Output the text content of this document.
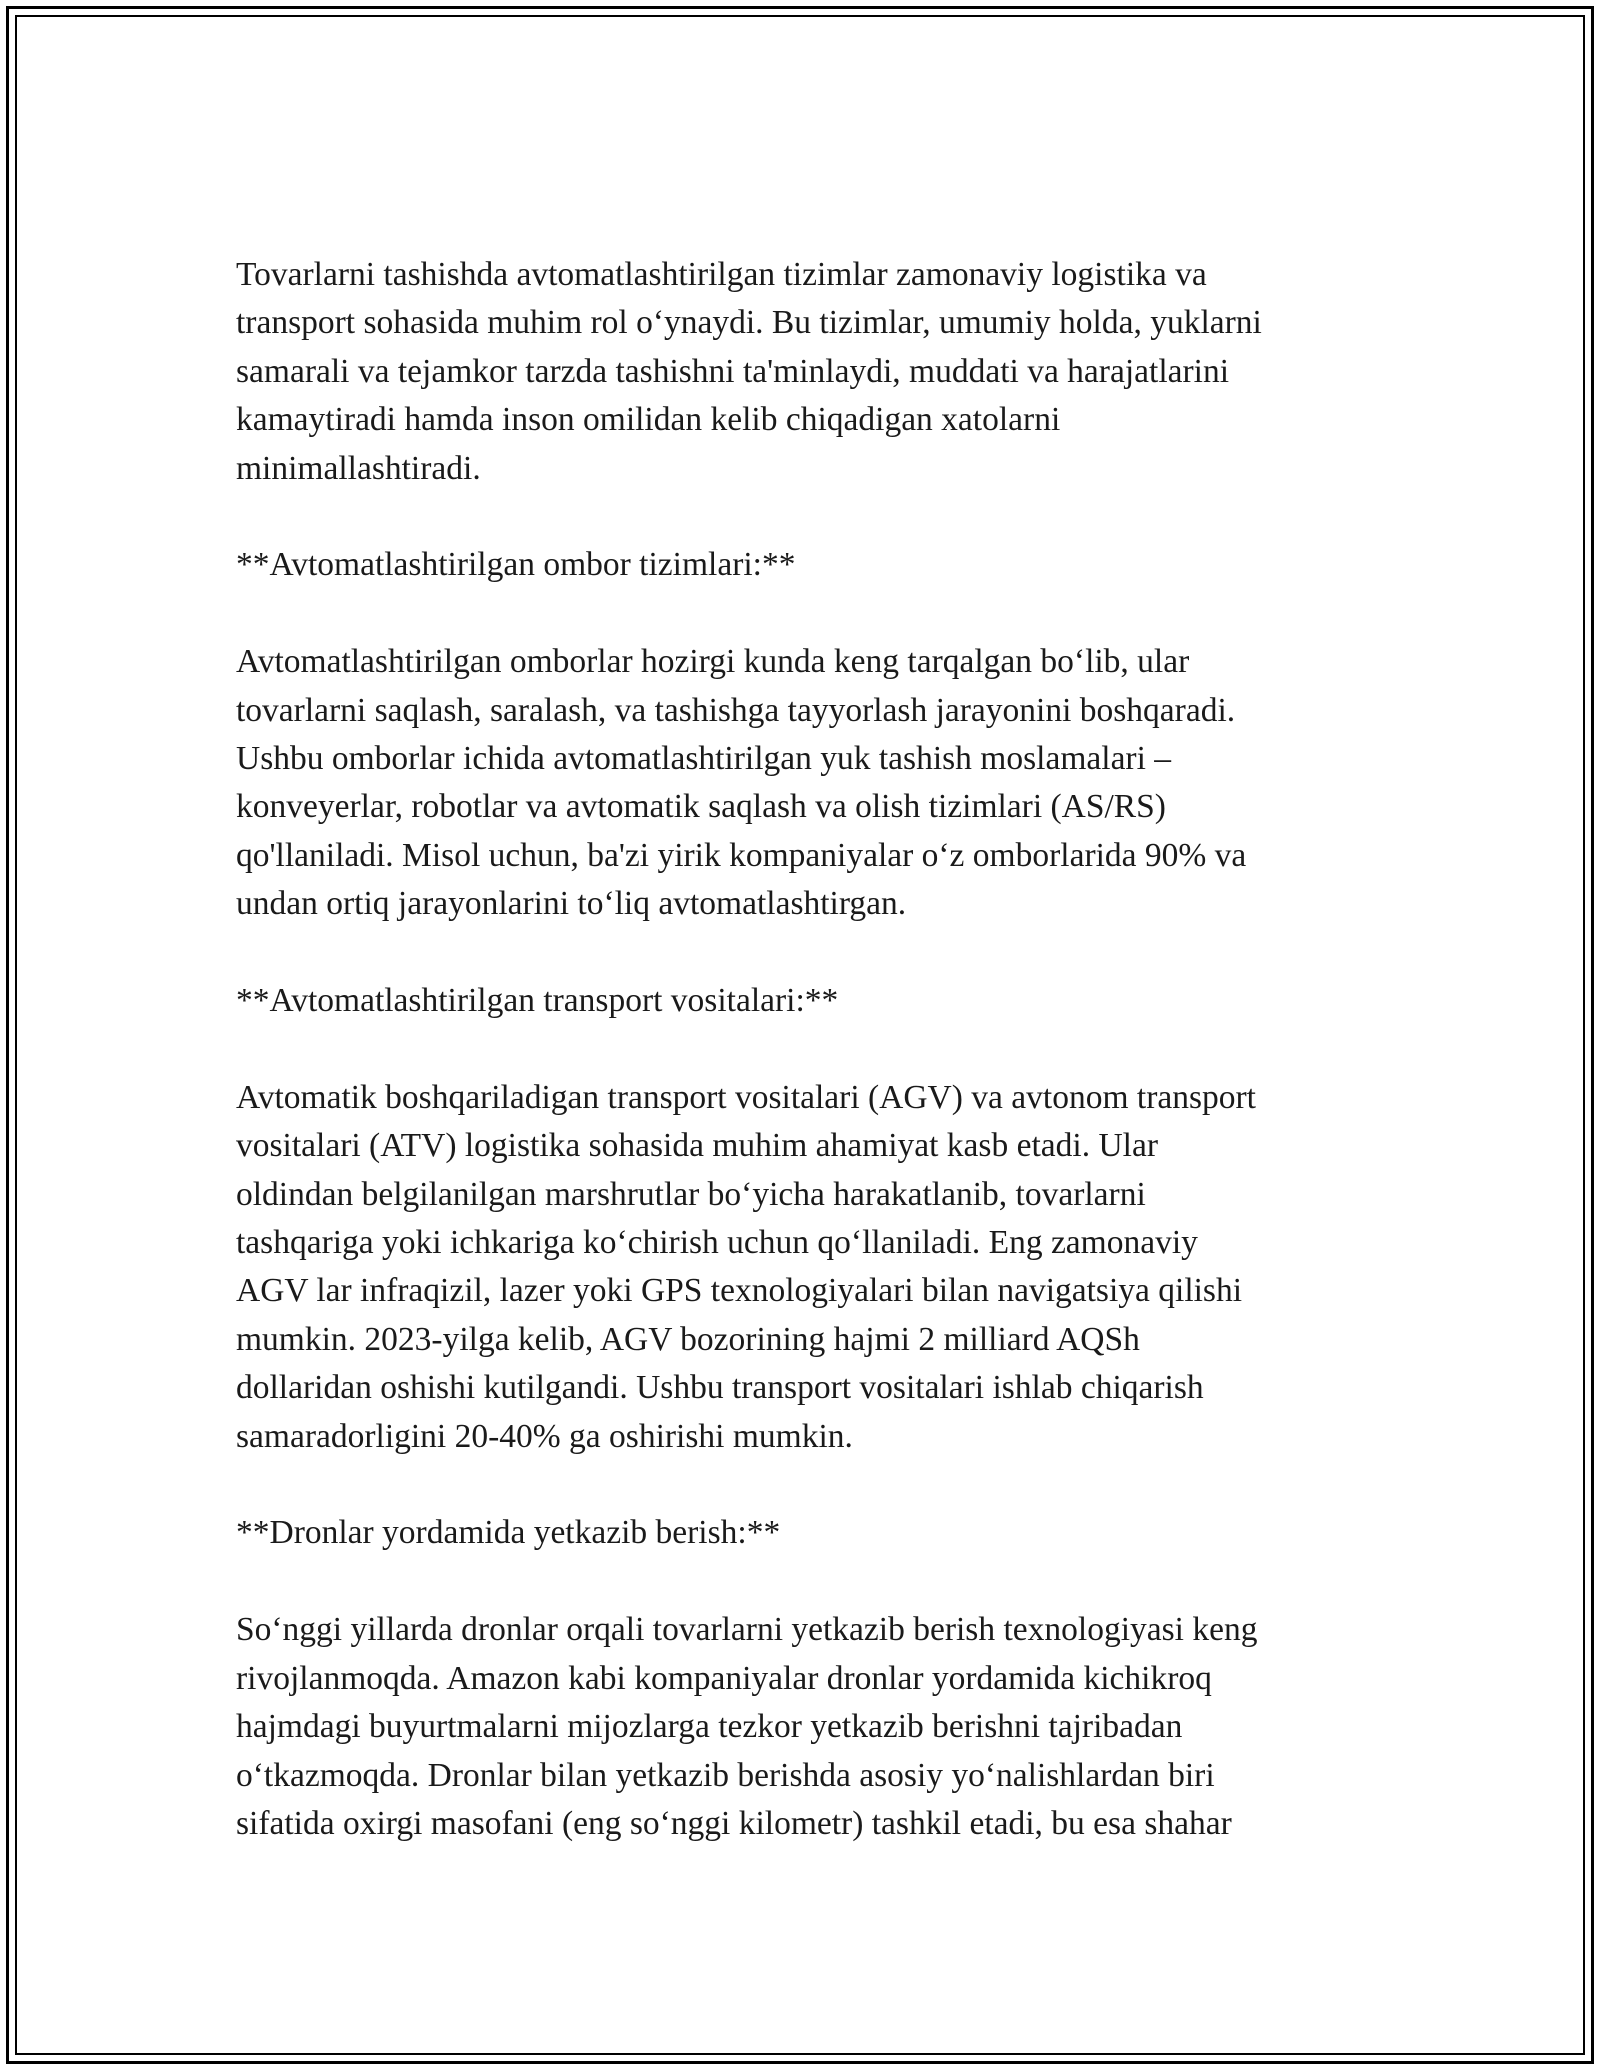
Tovarlarni tashishda avtomatlashtirilgan tizimlar zamonaviy logistika va
transport sohasida muhim rol o‘ynaydi. Bu tizimlar, umumiy holda, yuklarni
samarali va tejamkor tarzda tashishni ta'minlaydi, muddati va harajatlarini
kamaytiradi hamda inson omilidan kelib chiqadigan xatolarni
minimallashtiradi.

**Avtomatlashtirilgan ombor tizimlari:**

Avtomatlashtirilgan omborlar hozirgi kunda keng tarqalgan bo‘lib, ular
tovarlarni saqlash, saralash, va tashishga tayyorlash jarayonini boshqaradi.
Ushbu omborlar ichida avtomatlashtirilgan yuk tashish moslamalari –
konveyerlar, robotlar va avtomatik saqlash va olish tizimlari (AS/RS)
qo'llaniladi. Misol uchun, ba'zi yirik kompaniyalar o‘z omborlarida 90% va
undan ortiq jarayonlarini to‘liq avtomatlashtirgan.

**Avtomatlashtirilgan transport vositalari:**

Avtomatik boshqariladigan transport vositalari (AGV) va avtonom transport
vositalari (ATV) logistika sohasida muhim ahamiyat kasb etadi. Ular
oldindan belgilanilgan marshrutlar bo‘yicha harakatlanib, tovarlarni
tashqariga yoki ichkariga ko‘chirish uchun qo‘llaniladi. Eng zamonaviy
AGV lar infraqizil, lazer yoki GPS texnologiyalari bilan navigatsiya qilishi
mumkin. 2023-yilga kelib, AGV bozorining hajmi 2 milliard AQSh
dollaridan oshishi kutilgandi. Ushbu transport vositalari ishlab chiqarish
samaradorligini 20-40% ga oshirishi mumkin.

**Dronlar yordamida yetkazib berish:**

So‘nggi yillarda dronlar orqali tovarlarni yetkazib berish texnologiyasi keng
rivojlanmoqda. Amazon kabi kompaniyalar dronlar yordamida kichikroq
hajmdagi buyurtmalarni mijozlarga tezkor yetkazib berishni tajribadan
o‘tkazmoqda. Dronlar bilan yetkazib berishda asosiy yo‘nalishlardan biri
sifatida oxirgi masofani (eng so‘nggi kilometr) tashkil etadi, bu esa shahar
